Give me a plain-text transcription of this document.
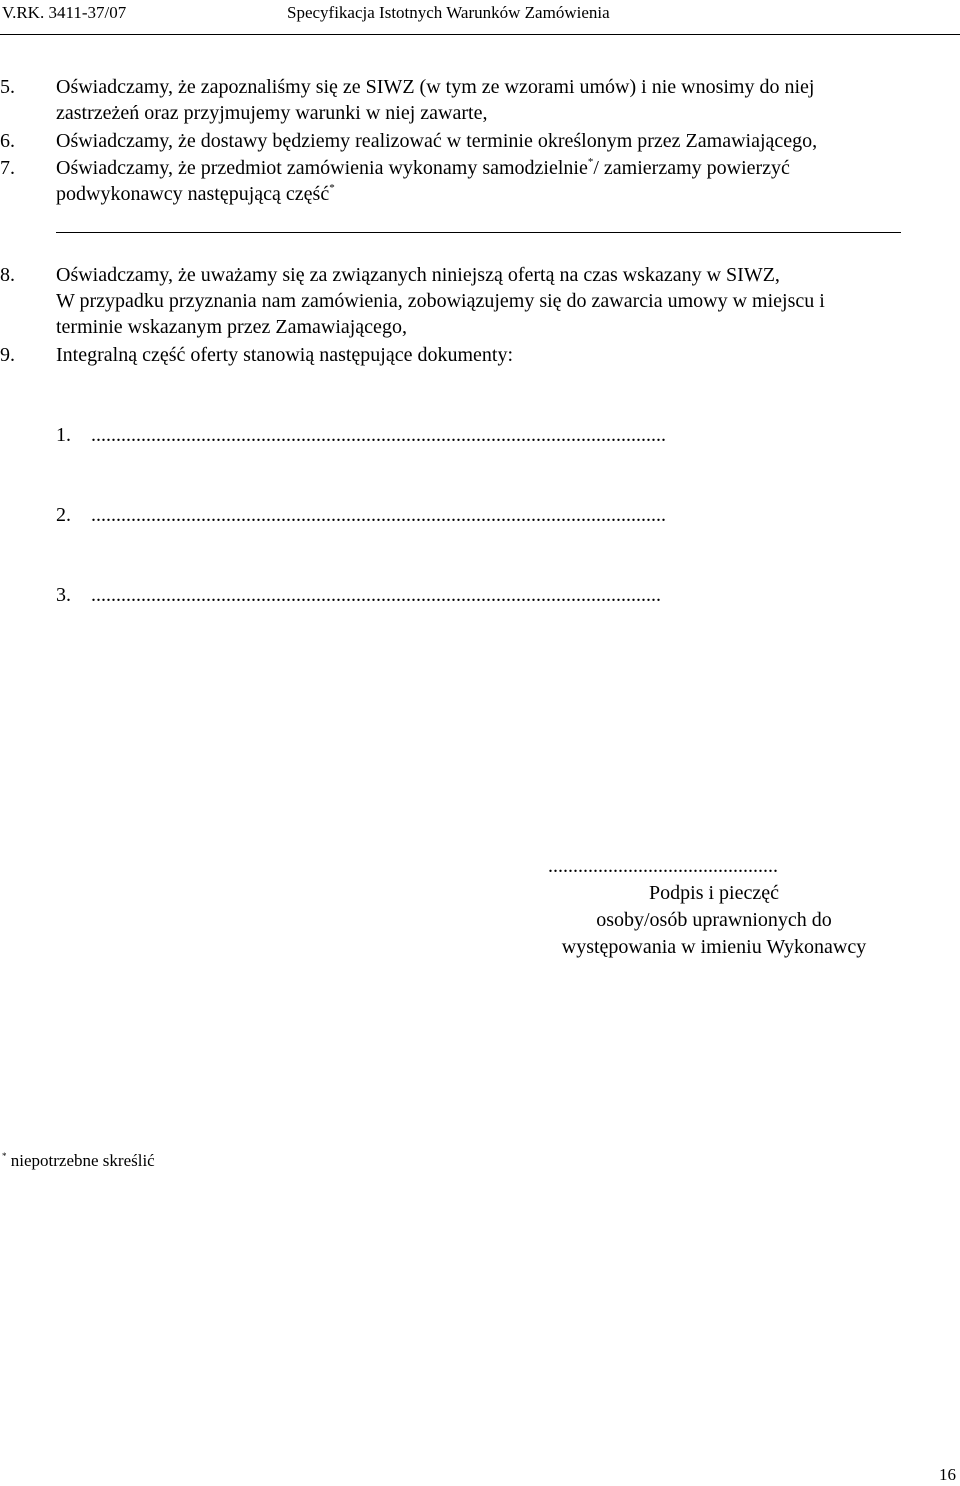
V.RK. 3411-37/07	Specyfikacja Istotnych Warunków Zamówienia
5. Oświadczamy, że zapoznaliśmy się ze SIWZ (w tym ze wzorami umów) i nie wnosimy do niej

zastrzeżeń oraz przyjmujemy warunki w niej zawarte,

6. Oświadczamy, że dostawy będziemy realizować w terminie określonym przez Zamawiającego,

7. Oświadczamy, że przedmiot zamówienia wykonamy samodzielnie*/ zamierzamy powierzyć

podwykonawcy następującą część*

8. Oświadczamy, że uważamy się za związanych niniejszą ofertą na czas wskazany w SIWZ,

W przypadku przyznania nam zamówienia, zobowiązujemy się do zawarcia umowy w miejscu i

terminie wskazanym przez Zamawiającego,

9. Integralną część oferty stanowią następujące dokumenty:

1. ...................................................................................................................
2. ...................................................................................................................
3. ..................................................................................................................
..............................................
Podpis i pieczęć
osoby/osób uprawnionych do
występowania w imieniu Wykonawcy
* niepotrzebne skreślić
16
